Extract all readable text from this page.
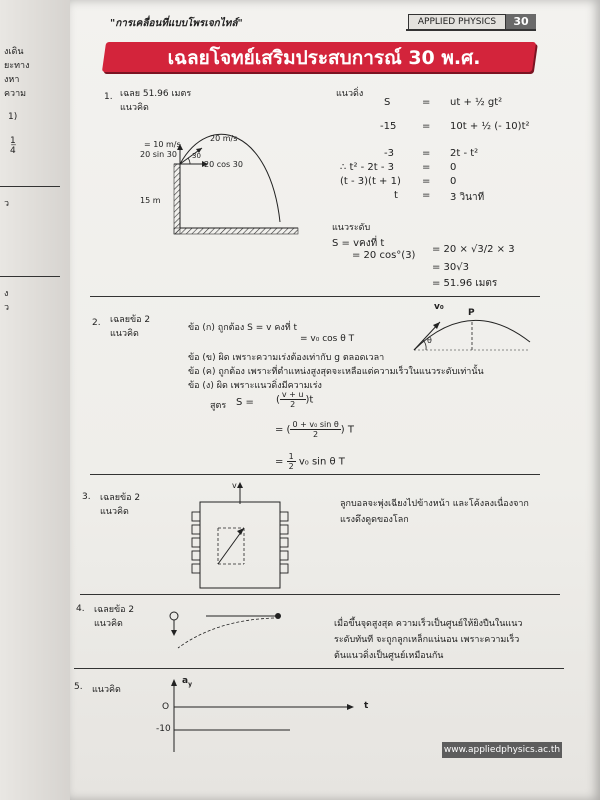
งเดิน
ยะทาง
งหา
ความ
1)
1̲
4
ว
ง
ว
"การเคลื่อนที่แบบโพรเจกไทล์"	APPLIED PHYSICS	30
เฉลยโจทย์เสริมประสบการณ์ 30 พ.ศ.
1. เฉลย 51.96 เมตร
แนวคิด
แนวดิ่ง
S	= ut + ½ gt²
-15	= 10t + ½ (- 10)t²
-3	= 2t - t²
∴ t² - 2t - 3	= 0
(t - 3)(t + 1) = 0
t = 3 วินาที
แนวระดับ
S = vคงที่ t
= 20 cos°(3)
= 20 × √3/2 × 3
= 30√3
= 51.96 เมตร
= 10 m/s
20 m/s
20 sin 30 30
20 cos 30
15 m
2. เฉลยข้อ 2
แนวคิด
ข้อ (ก) ถูกต้อง S = v คงที่ t
= v₀ cos θ T
ข้อ (ข) ผิด เพราะความเร่งต้องเท่ากับ g ตลอดเวลา
ข้อ (ค) ถูกต้อง เพราะที่ตำแหน่งสูงสุดจะเหลือแต่ความเร็วในแนวระดับเท่านั้น
ข้อ (ง) ผิด เพราะแนวดิ่งมีความเร่ง
สูตร S = ( $\frac{v + u}{2} )t$
= ( $\frac{\text{0 + v₀ sin θ}}{2}$ ) T
= $\frac{1}{2} v_0$ sin θ T
v₀
P
θ
3. เฉลยข้อ 2
แนวคิด
ลูกบอลจะพุ่งเฉียงไปข้างหน้า และโค้งลงเนื่องจาก
แรงดึงดูดของโลก
v
4. เฉลยข้อ 2
แนวคิด	เมื่อขึ้นจุดสูงสุด ความเร็วเป็นศูนย์ให้ยิงปืนในแนว
ระดับทันที จะถูกลูกเหล็กแน่นอน เพราะความเร็ว
ต้นแนวดิ่งเป็นศูนย์เหมือนกัน
5. แนวคิด
$a_y$
t
O
-10
www.appliedphysics.ac.th
